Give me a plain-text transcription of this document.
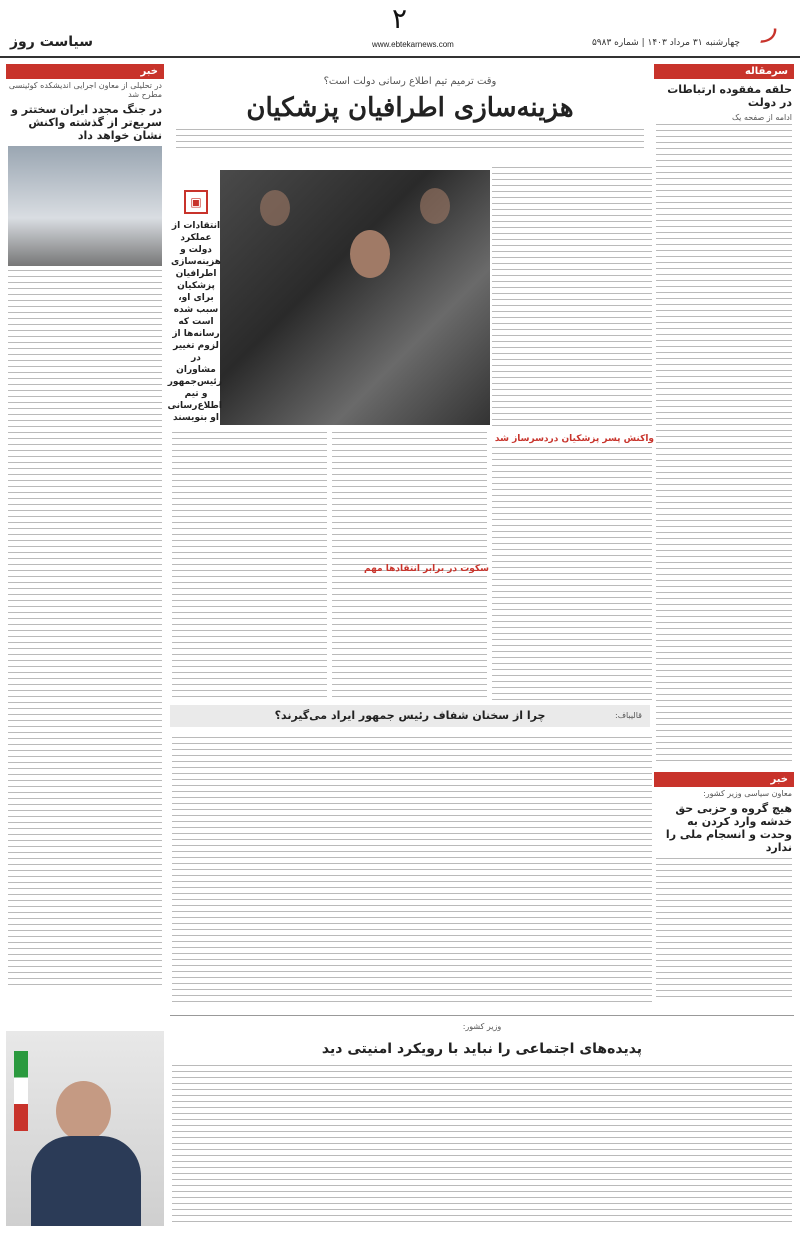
ر
چهارشنبه ۳۱ مرداد ۱۴۰۳ | شماره ۵۹۸۳
۲
www.ebtekarnews.com
سیاست روز
سرمقاله
حلقه مفقوده ارتباطات در دولت
ادامه از صفحه یک
خبر
معاون سیاسی وزیر کشور:
هیچ گروه و حزبی حق خدشه وارد کردن به وحدت و انسجام ملی را ندارد
وقت ترمیم تیم اطلاع رسانی دولت است؟
هزینه‌سازی اطرافیان پزشکیان
▣
انتقادات از عملکرد دولت و هزینه‌سازی اطرافیان پزشکیان برای او، سبب شده است که رسانه‌ها از لزوم تغییر در مشاوران رئیس‌جمهور و تیم اطلاع‌رسانی او بنویسند
واکنش پسر پزشکیان دردسرساز شد
سکوت در برابر انتقادها مهم
قاليباف:
چرا از سخنان شفاف رئیس جمهور ایراد می‌گیرند؟
خبر
در تحلیلی از معاون اجرایی اندیشکده کوئینسی مطرح شد
در جنگ مجدد ایران سختتر و سریع‌تر از گذشته واکنش نشان خواهد داد
وزیر کشور:
پدیده‌های اجتماعی را نباید با رویکرد امنیتی دید
